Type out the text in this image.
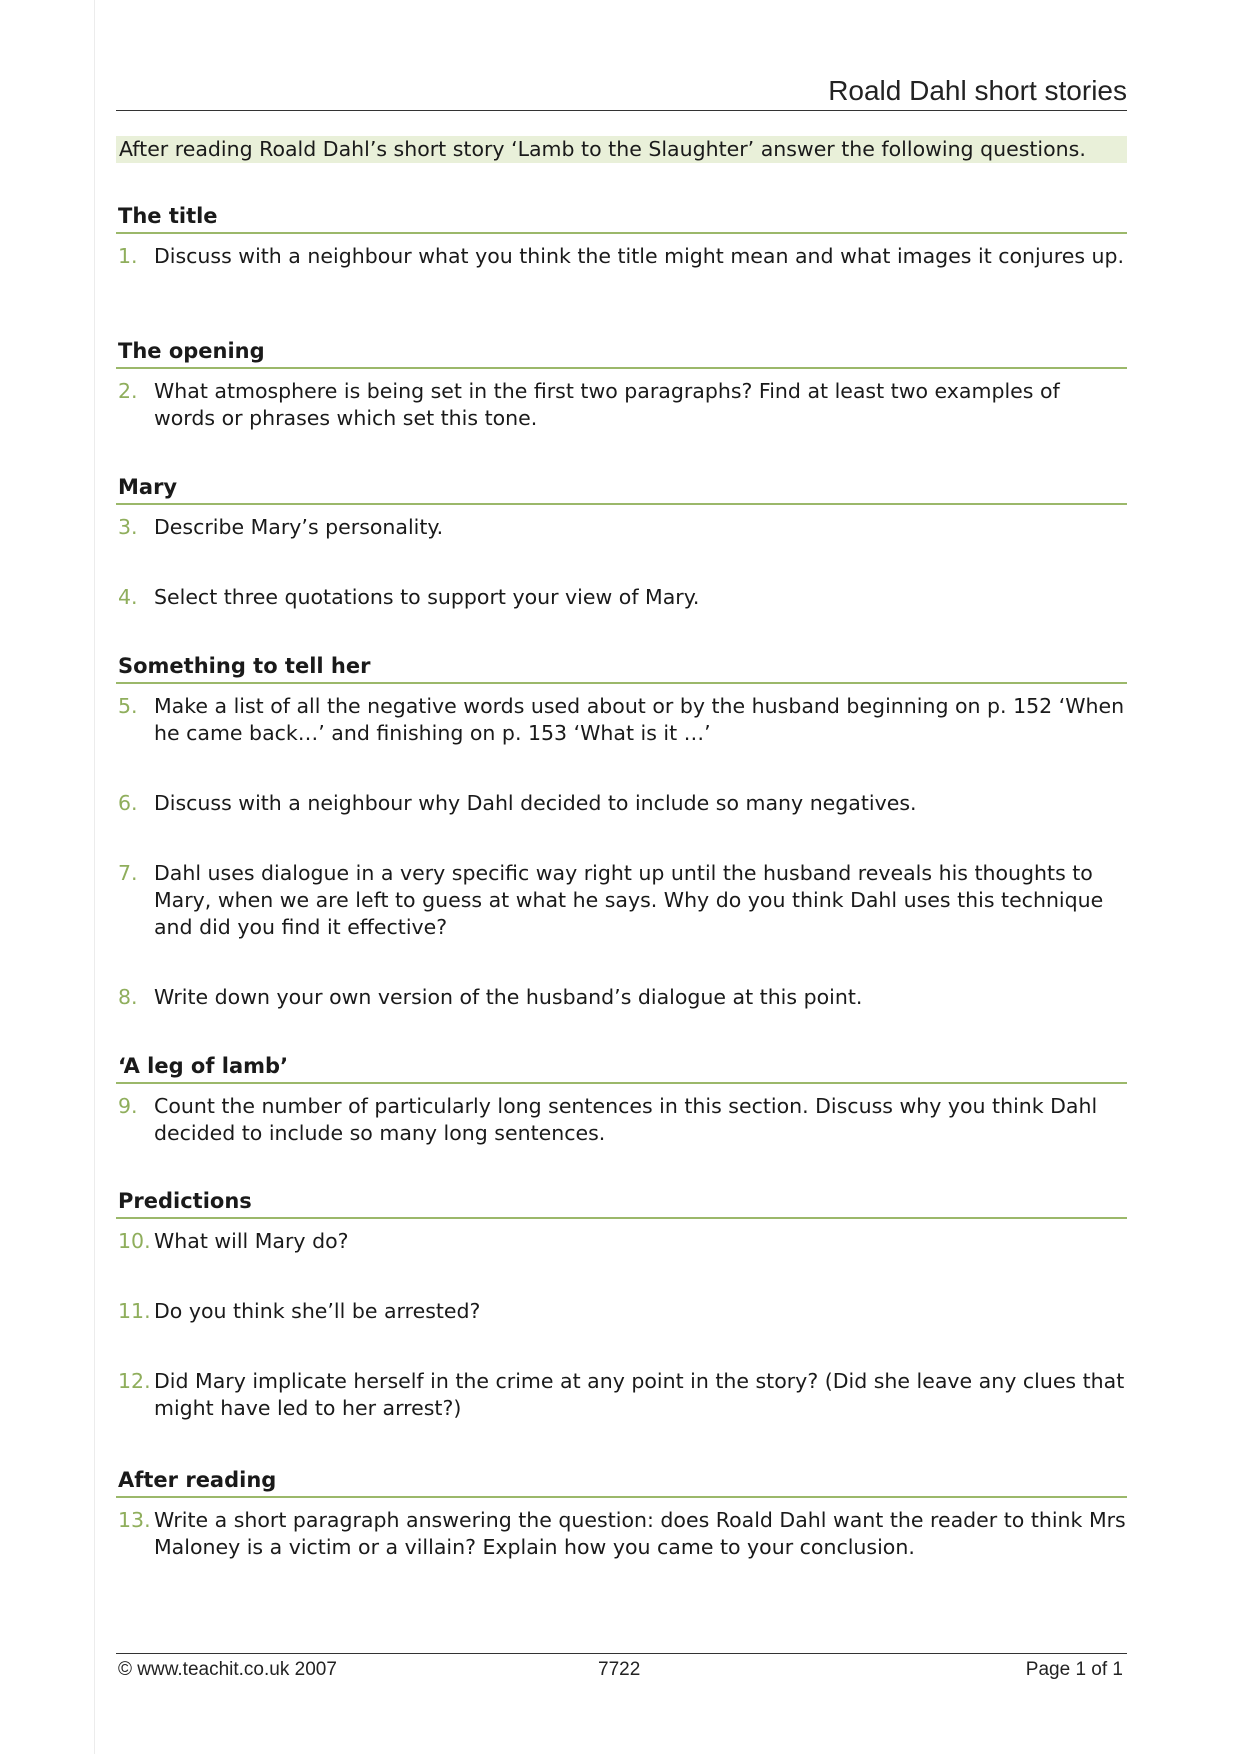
Roald Dahl short stories
After reading Roald Dahl’s short story ‘Lamb to the Slaughter’ answer the following questions.
The title
1. Discuss with a neighbour what you think the title might mean and what images it conjures up.
The opening
2. What atmosphere is being set in the first two paragraphs? Find at least two examples of words or phrases which set this tone.
Mary
3. Describe Mary’s personality.
4. Select three quotations to support your view of Mary.
Something to tell her
5. Make a list of all the negative words used about or by the husband beginning on p. 152 ‘When he came back…’ and finishing on p. 153 ‘What is it …’
6. Discuss with a neighbour why Dahl decided to include so many negatives.
7. Dahl uses dialogue in a very specific way right up until the husband reveals his thoughts to Mary, when we are left to guess at what he says. Why do you think Dahl uses this technique and did you find it effective?
8. Write down your own version of the husband’s dialogue at this point.
‘A leg of lamb’
9. Count the number of particularly long sentences in this section. Discuss why you think Dahl decided to include so many long sentences.
Predictions
10. What will Mary do?
11. Do you think she’ll be arrested?
12. Did Mary implicate herself in the crime at any point in the story? (Did she leave any clues that might have led to her arrest?)
After reading
13. Write a short paragraph answering the question: does Roald Dahl want the reader to think Mrs Maloney is a victim or a villain? Explain how you came to your conclusion.
© www.teachit.co.uk 2007	7722	Page 1 of 1
